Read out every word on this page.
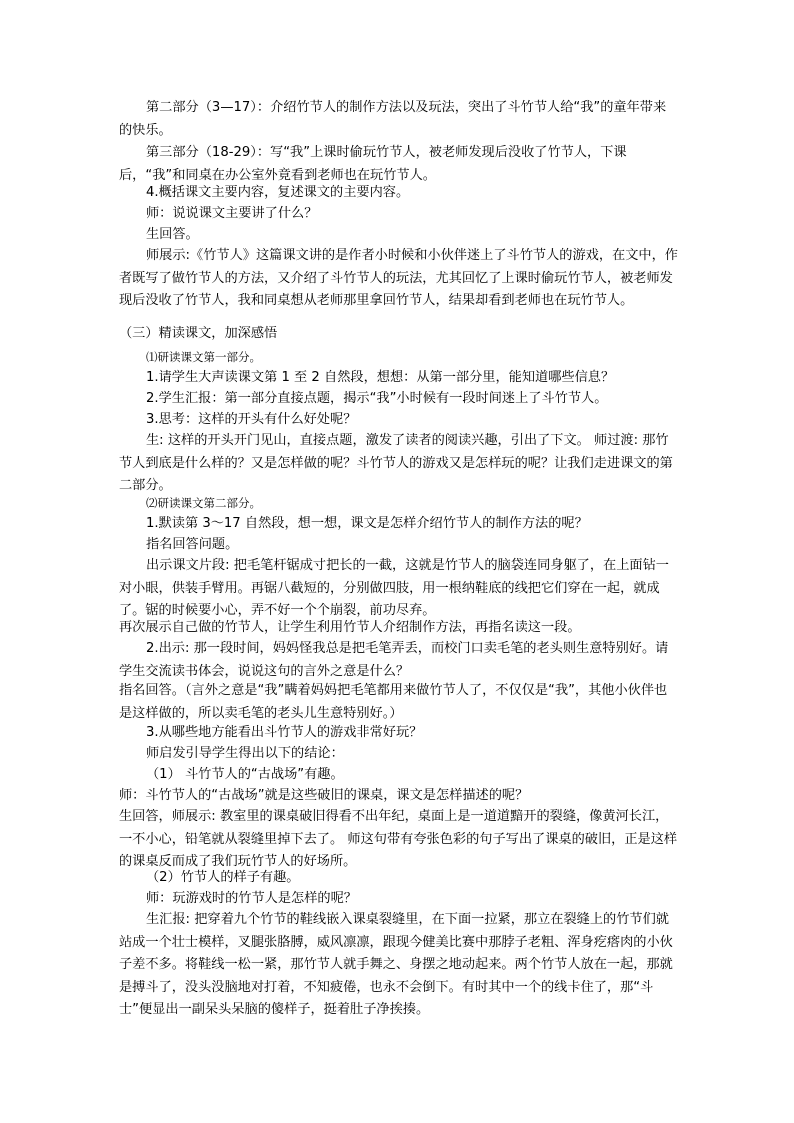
第二部分（3—17）：介绍竹节人的制作方法以及玩法，突出了斗竹节人给“我”的童年带来的快乐。

第三部分（18-29）：写“我”上课时偷玩竹节人，被老师发现后没收了竹节人，下课后，“我”和同桌在办公室外竟看到老师也在玩竹节人。

4.概括课文主要内容，复述课文的主要内容。

师：说说课文主要讲了什么？

生回答。

师展示:《竹节人》这篇课文讲的是作者小时候和小伙伴迷上了斗竹节人的游戏，在文中，作者既写了做竹节人的方法，又介绍了斗竹节人的玩法，尤其回忆了上课时偷玩竹节人，被老师发现后没收了竹节人，我和同桌想从老师那里拿回竹节人，结果却看到老师也在玩竹节人。

（三）精读课文，加深感悟

⑴研读课文第一部分。

1.请学生大声读课文第 1 至 2 自然段，想想：从第一部分里，能知道哪些信息？

2.学生汇报：第一部分直接点题，揭示“我”小时候有一段时间迷上了斗竹节人。

3.思考：这样的开头有什么好处呢？

生: 这样的开头开门见山，直接点题，激发了读者的阅读兴趣，引出了下文。 师过渡: 那竹节人到底是什么样的？又是怎样做的呢？斗竹节人的游戏又是怎样玩的呢？让我们走进课文的第二部分。

⑵研读课文第二部分。

1.默读第 3～17 自然段，想一想，课文是怎样介绍竹节人的制作方法的呢？

指名回答问题。

出示课文片段: 把毛笔杆锯成寸把长的一截，这就是竹节人的脑袋连同身躯了，在上面钻一对小眼，供装手臂用。再锯八截短的，分别做四肢，用一根纳鞋底的线把它们穿在一起，就成了。锯的时候要小心，弄不好一个个崩裂，前功尽弃。

再次展示自己做的竹节人，让学生利用竹节人介绍制作方法，再指名读这一段。

2.出示: 那一段时间，妈妈怪我总是把毛笔弄丢，而校门口卖毛笔的老头则生意特别好。请学生交流读书体会，说说这句的言外之意是什么？

指名回答。（言外之意是“我”瞒着妈妈把毛笔都用来做竹节人了，不仅仅是“我”，其他小伙伴也是这样做的，所以卖毛笔的老头儿生意特别好。）

3.从哪些地方能看出斗竹节人的游戏非常好玩？

师启发引导学生得出以下的结论：

（1） 斗竹节人的“古战场”有趣。

师：斗竹节人的“古战场”就是这些破旧的课桌，课文是怎样描述的呢？

生回答，师展示: 教室里的课桌破旧得看不出年纪，桌面上是一道道黯开的裂缝，像黄河长江，一不小心，铅笔就从裂缝里掉下去了。 师这句带有夸张色彩的句子写出了课桌的破旧，正是这样的课桌反而成了我们玩竹节人的好场所。

（2）竹节人的样子有趣。

师：玩游戏时的竹节人是怎样的呢？

生汇报: 把穿着九个竹节的鞋线嵌入课桌裂缝里，在下面一拉紧，那立在裂缝上的竹节们就站成一个壮士模样，叉腿张胳膊，威风凛凛，跟现今健美比赛中那脖子老粗、浑身疙瘩肉的小伙子差不多。将鞋线一松一紧，那竹节人就手舞之、身摆之地动起来。两个竹节人放在一起，那就是搏斗了，没头没脑地对打着，不知疲倦，也永不会倒下。有时其中一个的线卡住了，那“斗士”便显出一副呆头呆脑的傻样子，挺着肚子净挨揍。
